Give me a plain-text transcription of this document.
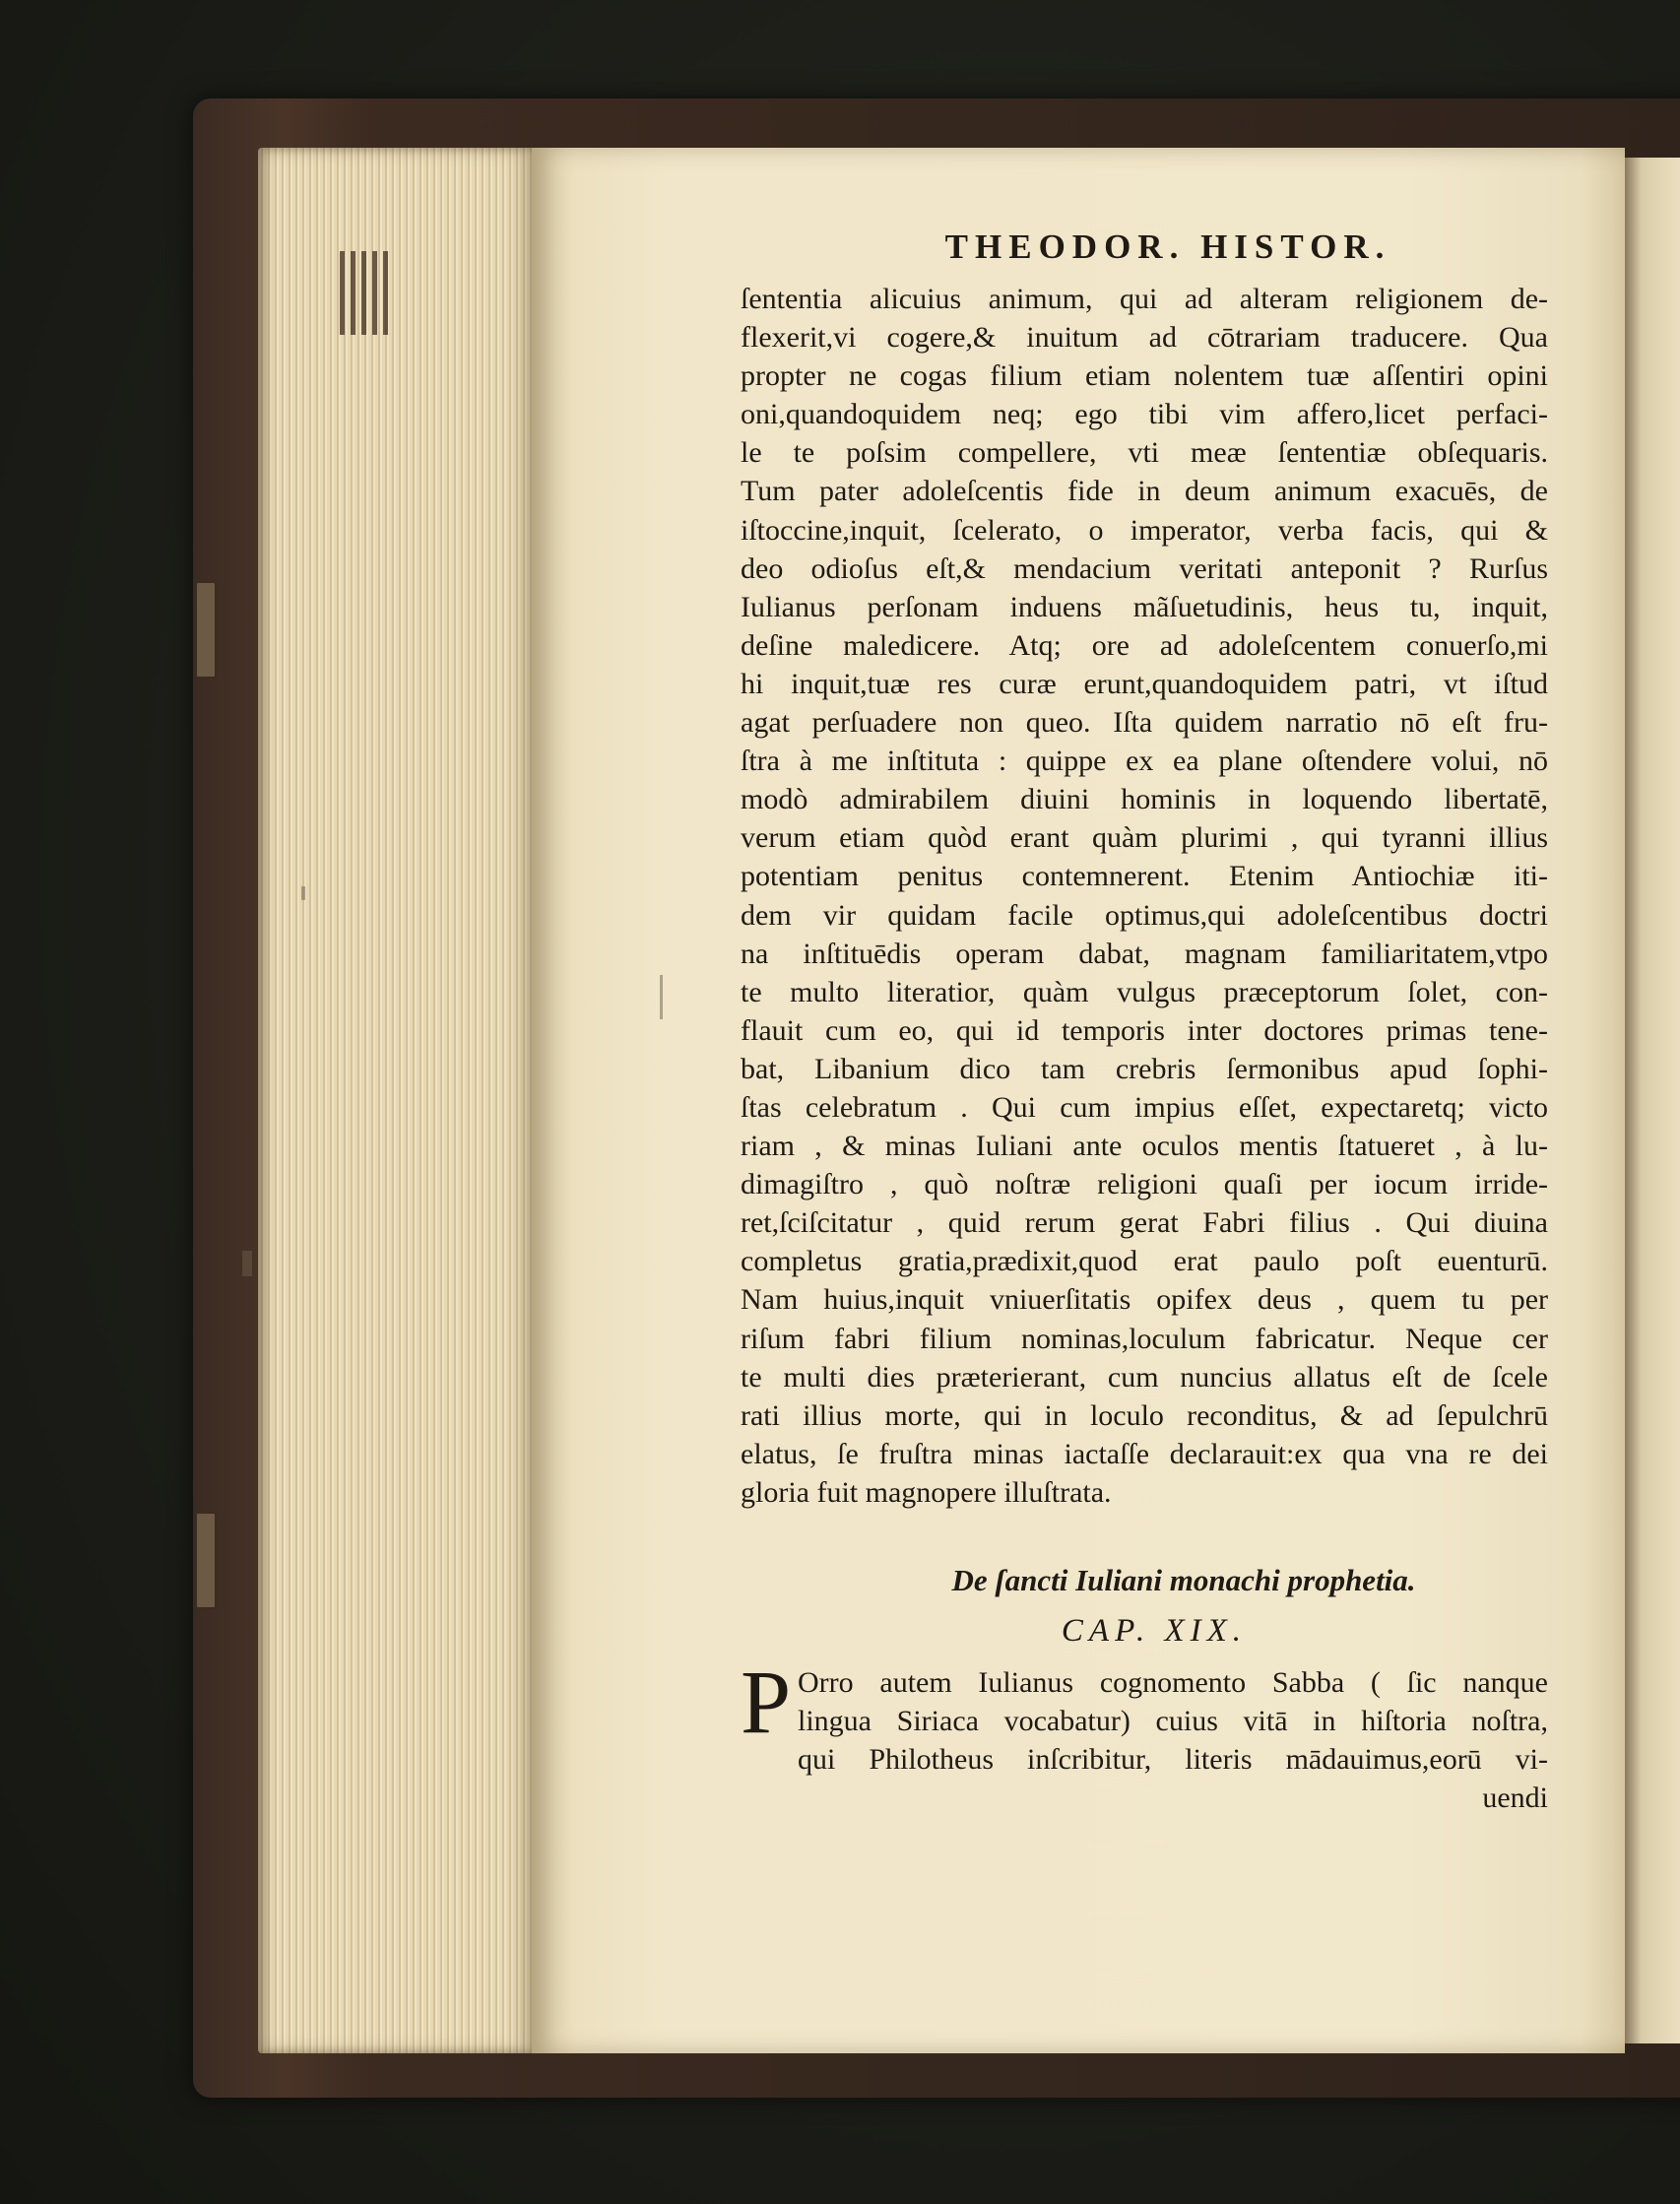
THEODOR. HISTOR.

ſententia alicuius animum, qui ad alteram religionem de-

flexerit,vi cogere,& inuitum ad cōtrariam traducere. Qua

propter ne cogas filium etiam nolentem tuæ aſſentiri opini

oni,quandoquidem neq; ego tibi vim affero,licet perfaci-

le te poſsim compellere, vti meæ ſententiæ obſequaris.

Tum pater adoleſcentis fide in deum animum exacuēs, de

iſtoccine,inquit, ſcelerato, o imperator, verba facis, qui &

deo odioſus eſt,& mendacium veritati anteponit ? Rurſus

Iulianus perſonam induens mãſuetudinis, heus tu, inquit,

deſine maledicere. Atq; ore ad adoleſcentem conuerſo,mi

hi inquit,tuæ res curæ erunt,quandoquidem patri, vt iſtud

agat perſuadere non queo. Iſta quidem narratio nō eſt fru-

ſtra à me inſtituta : quippe ex ea plane oſtendere volui, nō

modò admirabilem diuini hominis in loquendo libertatē,

verum etiam quòd erant quàm plurimi , qui tyranni illius

potentiam penitus contemnerent. Etenim Antiochiæ iti-

dem vir quidam facile optimus,qui adoleſcentibus doctri

na inſtituēdis operam dabat, magnam familiaritatem,vtpo

te multo literatior, quàm vulgus præceptorum ſolet, con-

flauit cum eo, qui id temporis inter doctores primas tene-

bat, Libanium dico tam crebris ſermonibus apud ſophi-

ſtas celebratum . Qui cum impius eſſet, expectaretq; victo

riam , & minas Iuliani ante oculos mentis ſtatueret , à lu-

dimagiſtro , quò noſtræ religioni quaſi per iocum irride-

ret,ſciſcitatur , quid rerum gerat Fabri filius . Qui diuina

completus gratia,prædixit,quod erat paulo poſt euenturū.

Nam huius,inquit vniuerſitatis opifex deus , quem tu per

riſum fabri filium nominas,loculum fabricatur. Neque cer

te multi dies præterierant, cum nuncius allatus eſt de ſcele

rati illius morte, qui in loculo reconditus, & ad ſepulchrū

elatus, ſe fruſtra minas iactaſſe declarauit:ex qua vna re dei

gloria fuit magnopere illuſtrata.

De ſancti Iuliani monachi prophetia.
CAP. XIX.
P Orro autem Iulianus cognomento Sabba ( ſic nanque

lingua Siriaca vocabatur) cuius vitā in hiſtoria noſtra,

qui Philotheus inſcribitur, literis mādauimus,eorū vi-

uendi
